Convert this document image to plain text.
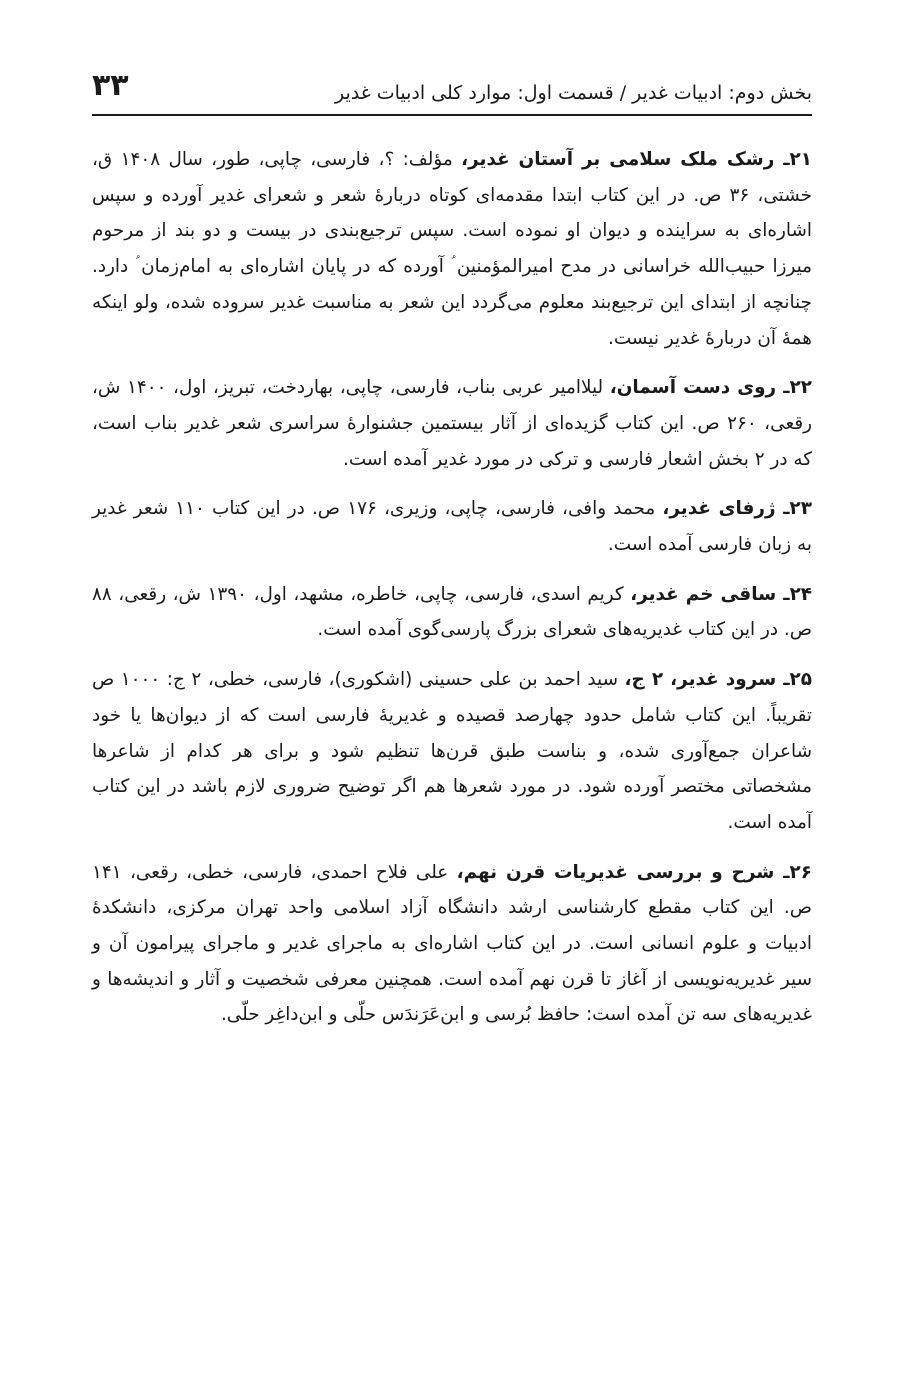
بخش دوم: ادبیات غدیر / قسمت اول: موارد کلی ادبیات غدیر
۳۳

۲۱ـ رشک ملک سلامی بر آستان غدیر، مؤلف: ؟، فارسی، چاپی، طور، سال ۱۴۰۸ ق، خشتی، ۳۶ ص. در این کتاب ابتدا مقدمه‌ای کوتاه دربارهٔ شعر و شعرای غدیر آورده و سپس اشاره‌ای به سراینده و دیوان او نموده است. سپس ترجیع‌بندی در بیست و دو بند از مرحوم میرزا حبیب‌الله خراسانی در مدح امیرالمؤمنین ؑ آورده که در پایان اشاره‌ای به امام‌زمان ؑ دارد. چنانچه از ابتدای این ترجیع‌بند معلوم می‌گردد این شعر به مناسبت غدیر سروده شده، ولو اینکه همهٔ آن دربارهٔ غدیر نیست.

۲۲ـ روی دست آسمان، لیلاامیر عربی بناب، فارسی، چاپی، بهاردخت، تبریز، اول، ۱۴۰۰ ش، رقعی، ۲۶۰ ص. این کتاب گزیده‌ای از آثار بیستمین جشنوارهٔ سراسری شعر غدیر بناب است، که در ۲ بخش اشعار فارسی و ترکی در مورد غدیر آمده است.

۲۳ـ ژرفای غدیر، محمد وافی، فارسی، چاپی، وزیری، ۱۷۶ ص. در این کتاب ۱۱۰ شعر غدیر به زبان فارسی آمده است.

۲۴ـ ساقی خم غدیر، کریم اسدی، فارسی، چاپی، خاطره، مشهد، اول، ۱۳۹۰ ش، رقعی، ۸۸ ص. در این کتاب غدیریه‌های شعرای بزرگ پارسی‌گوی آمده است.

۲۵ـ سرود غدیر، ۲ ج، سید احمد بن علی حسینی (اشکوری)، فارسی، خطی، ۲ ج: ۱۰۰۰ ص تقریباً. این کتاب شامل حدود چهارصد قصیده و غدیریهٔ فارسی است که از دیوان‌ها یا خود شاعران جمع‌آوری شده، و بناست طبق قرن‌ها تنظیم شود و برای هر کدام از شاعرها مشخصاتی مختصر آورده شود. در مورد شعرها هم اگر توضیح ضروری لازم باشد در این کتاب آمده است.

۲۶ـ شرح و بررسی غدیریات قرن نهم، علی فلاح احمدی، فارسی، خطی، رقعی، ۱۴۱ ص. این کتاب مقطع کارشناسی ارشد دانشگاه آزاد اسلامی واحد تهران مرکزی، دانشکدهٔ ادبیات و علوم انسانی است. در این کتاب اشاره‌ای به ماجرای غدیر و ماجرای پیرامون آن و سیر غدیریه‌نویسی از آغاز تا قرن نهم آمده است. همچنین معرفی شخصیت و آثار و اندیشه‌ها و غدیریه‌های سه تن آمده است: حافظ بُرسی و ابن‌عَرَندَس حلّی و ابن‌داغِر حلّی.
